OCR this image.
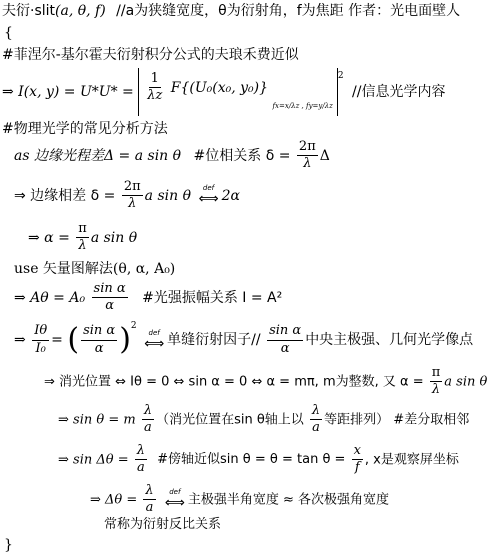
夫衍·slit(a, θ, f) //a为狭缝宽度，θ为衍射角，f为焦距 作者：光电面壁人
{
#菲涅尔-基尔霍夫衍射积分公式的夫琅禾费近似
⇒ I(x, $y) = U*U* = \frac{1}{\lambda z} F\{(U_0(x_0$, y₀)} $_{fx=x/\lambda z , fy=y/\lambda z}^2$ //信息光学内容
#物理光学的常见分析方法
as 边缘光程差Δ = a sin θ #位相关系 $\delta = \frac{2\pi}{\lambda}$ Δ
⇒ 边缘相差 $\delta = \frac{2\pi}{\lambda}$ a sin θ def
⟺ 2α
⇒ $\alpha = \frac{\pi}{\lambda}$ a sin θ
use 矢量图解法(θ, α, A₀)
⇒ $A\theta = A_0 \frac{\text{sin α}}{\alpha}$ #光强振幅关系 I = A²
⇒ $\frac{I\theta}{\text{I₀}}$ = ( $\frac{\text{sin α}}{\alpha} )^2$
def
⟺ 单缝衍射因子// $\frac{\text{sin α}}{\alpha}$ 中央主极强、几何光学像点
⇒ 消光位置 ⇔ Iθ = 0 ⇔ sin α = 0 ⇔ α = mπ, m为整数, 又 $\alpha = \frac{\pi}{\lambda}$ a sin θ
⇒ sin θ = m $\frac{\lambda}{a}$ （消光位置在sin θ轴上以 $\frac{\lambda}{a}$ 等距排列） #差分取相邻
⇒ $\sin \Delta\theta = \frac{\lambda}{a}$ #傍轴近似$\sin \theta = \theta = \tan \theta = \frac{x}{f}$ , x是观察屏坐标
⇒ $\Delta\theta = \frac{\lambda}{a}$
def
⟺ 主极强半角宽度 ≈ 各次极强角宽度
常称为衍射反比关系
}
